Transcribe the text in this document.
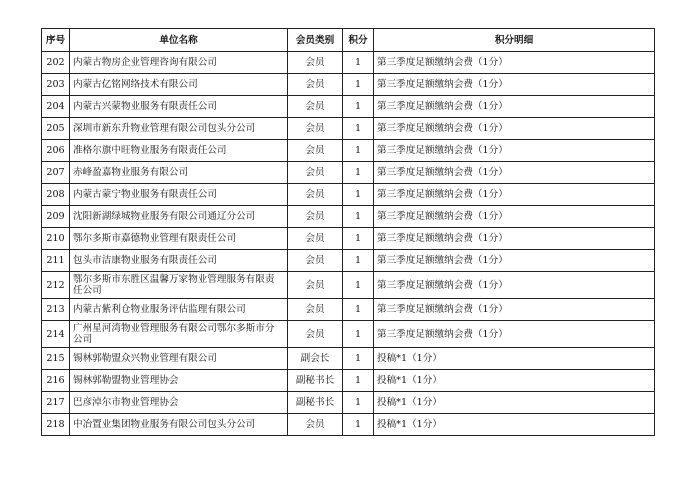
序号	单位名称	会员类别	积分	积分明细
202	内蒙古物房企业管理咨询有限公司	会员	1	第三季度足额缴纳会费（1分）
203	内蒙古亿铭网络技术有限公司	会员	1	第三季度足额缴纳会费（1分）
204	内蒙古兴蒙物业服务有限责任公司	会员	1	第三季度足额缴纳会费（1分）
205	深圳市新东升物业管理有限公司包头分公司	会员	1	第三季度足额缴纳会费（1分）
206	准格尔旗中旺物业服务有限责任公司	会员	1	第三季度足额缴纳会费（1分）
207	赤峰盈嘉物业服务有限公司	会员	1	第三季度足额缴纳会费（1分）
208	内蒙古蒙宁物业服务有限责任公司	会员	1	第三季度足额缴纳会费（1分）
209	沈阳新湖绿城物业服务有限公司通辽分公司	会员	1	第三季度足额缴纳会费（1分）
210	鄂尔多斯市嘉德物业管理有限责任公司	会员	1	第三季度足额缴纳会费（1分）
211	包头市洁康物业服务有限责任公司	会员	1	第三季度足额缴纳会费（1分）
212	鄂尔多斯市东胜区温馨万家物业管理服务有限责任公司	会员	1	第三季度足额缴纳会费（1分）
213	内蒙古紫利仓物业服务评估监理有限公司	会员	1	第三季度足额缴纳会费（1分）
214	广州星河湾物业管理服务有限公司鄂尔多斯市分公司	会员	1	第三季度足额缴纳会费（1分）
215	锡林郭勒盟众兴物业管理有限公司	副会长	1	投稿*1（1分）
216	锡林郭勒盟物业管理协会	副秘书长	1	投稿*1（1分）
217	巴彦淖尔市物业管理协会	副秘书长	1	投稿*1（1分）
218	中冶置业集团物业服务有限公司包头分公司	会员	1	投稿*1（1分）
